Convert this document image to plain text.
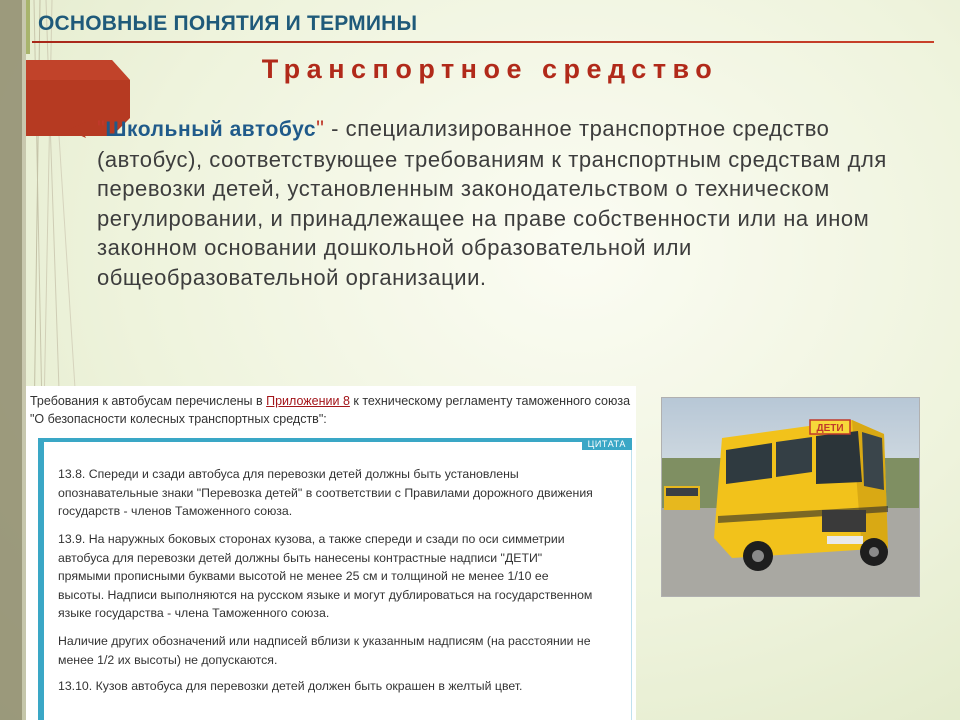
ОСНОВНЫЕ ПОНЯТИЯ И ТЕРМИНЫ
Транспортное средство
"Школьный автобус" - специализированное транспортное средство (автобус), соответствующее требованиям к транспортным средствам для перевозки детей, установленным законодательством о техническом регулировании, и принадлежащее на праве собственности или на ином законном основании дошкольной образовательной или общеобразовательной организации.
Требования к автобусам перечислены в Приложении 8 к техническому регламенту таможенного союза "О безопасности колесных транспортных средств":
ЦИТАТА
13.8. Спереди и сзади автобуса для перевозки детей должны быть установлены опознавательные знаки "Перевозка детей" в соответствии с Правилами дорожного движения государств - членов Таможенного союза.
13.9. На наружных боковых сторонах кузова, а также спереди и сзади по оси симметрии автобуса для перевозки детей должны быть нанесены контрастные надписи "ДЕТИ" прямыми прописными буквами высотой не менее 25 см и толщиной не менее 1/10 ее высоты. Надписи выполняются на русском языке и могут дублироваться на государственном языке государства - члена Таможенного союза.
Наличие других обозначений или надписей вблизи к указанным надписям (на расстоянии не менее 1/2 их высоты) не допускаются.
13.10. Кузов автобуса для перевозки детей должен быть окрашен в желтый цвет.
ДЕТИ
